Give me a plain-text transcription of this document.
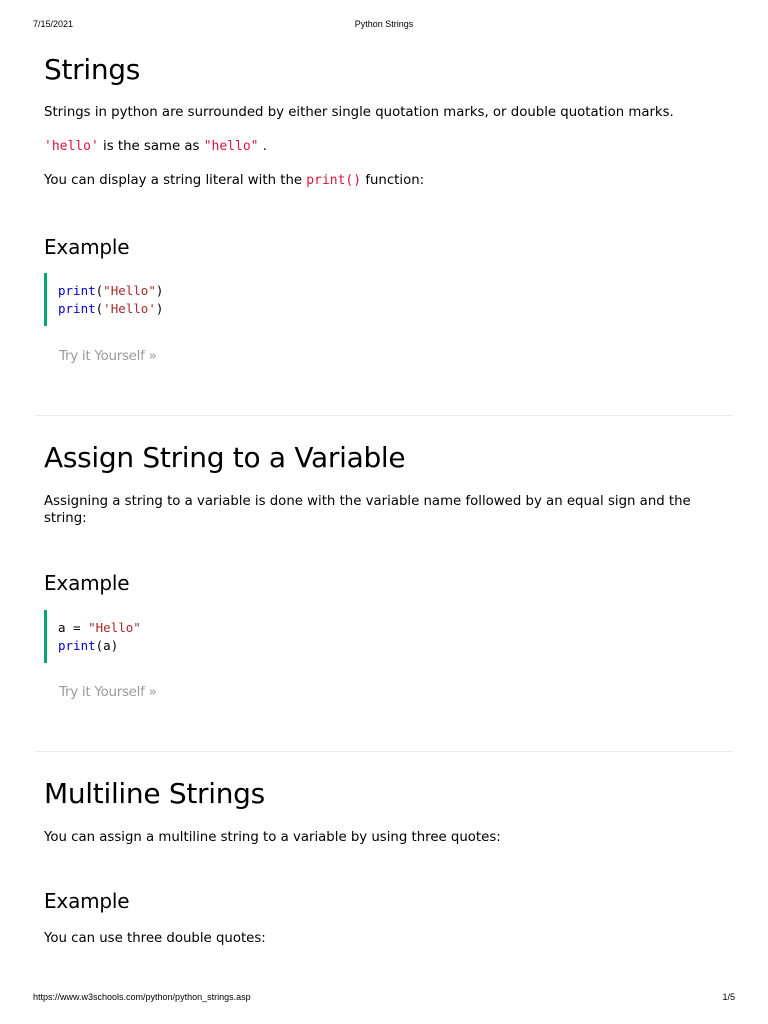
7/15/2021	Python Strings
Strings

Strings in python are surrounded by either single quotation marks, or double quotation marks.

'hello' is the same as "hello" .

You can display a string literal with the print() function:

Example
print("Hello")
print('Hello')
Try it Yourself »
Assign String to a Variable

Assigning a string to a variable is done with the variable name followed by an equal sign and the string:

Example
a = "Hello"
print(a)
Try it Yourself »
Multiline Strings

You can assign a multiline string to a variable by using three quotes:

Example

You can use three double quotes:

https://www.w3schools.com/python/python_strings.asp	1/5
